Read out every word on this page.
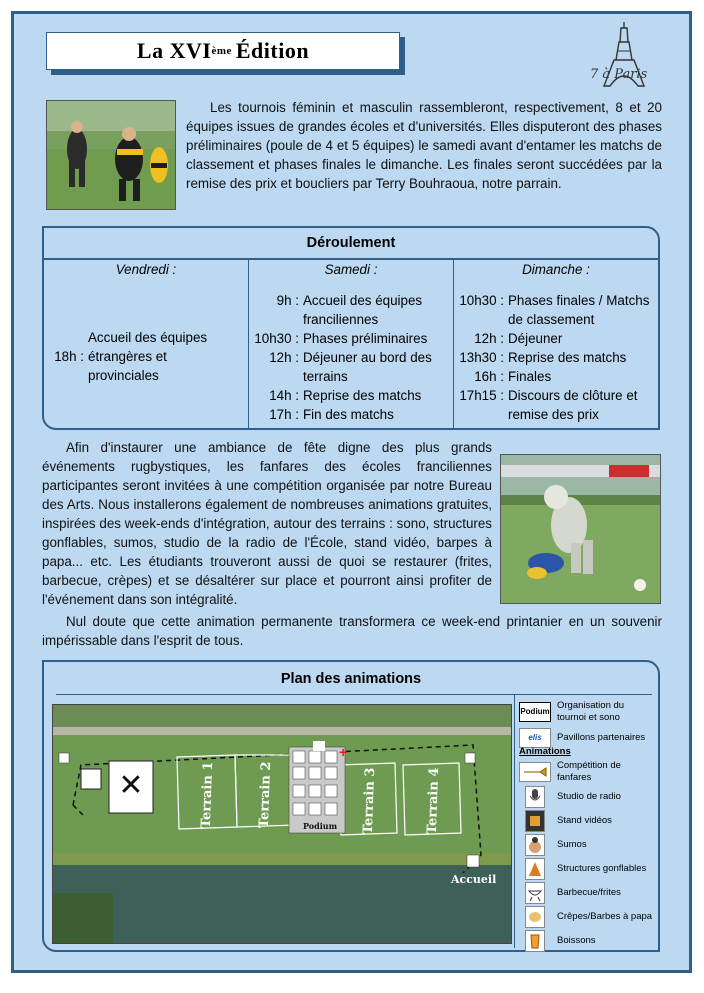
La XVI ème Édition
7 à Paris

Les tournois féminin et masculin rassembleront, respectivement, 8 et 20 équipes issues de grandes écoles et d'universités. Elles disputeront des phases préliminaires (poule de 4 et 5 équipes) le samedi avant d'entamer les matchs de classement et phases finales le dimanche. Les finales seront succédées par la remise des prix et boucliers par Terry Bouhraoua, notre parrain.

Déroulement
Vendredi :
18h :
Accueil des équipes étrangères et provinciales
Samedi :
9h : Accueil des équipes franciliennes
10h30 : Phases préliminaires
12h : Déjeuner au bord des terrains
14h : Reprise des matchs
17h : Fin des matchs
Dimanche :
10h30 : Phases finales / Matchs de classement
12h : Déjeuner
13h30 : Reprise des matchs
16h : Finales
17h15 : Discours de clôture et remise des prix

Afin d'instaurer une ambiance de fête digne des plus grands événements rugbystiques, les fanfares des écoles franciliennes participantes seront invitées à une compétition organisée par notre Bureau des Arts. Nous installerons également de nombreuses animations gratuites, inspirées des week-ends d'intégration, autour des terrains : sono, structures gonflables, sumos, studio de la radio de l'École, stand vidéo, barpes à papa... etc. Les étudiants trouveront aussi de quoi se restaurer (frites, barbecue, crèpes) et se désaltérer sur place et pourront ainsi profiter de l'événement dans son intégralité.

Nul doute que cette animation permanente transformera ce week-end printanier en un souvenir impérissable dans l'esprit de tous.

Plan des animations
✕	Terrain 1	Terrain 2	Terrain 3	Terrain 4
+
Podium
Accueil
Podium
Organisation du tournoi et sono
elis Pavillons partenaires
Animations
Compétition de fanfares
Studio de radio
Stand vidéos
Sumos
Structures gonflables
Barbecue/frites
Crêpes/Barbes à papa
Boissons
